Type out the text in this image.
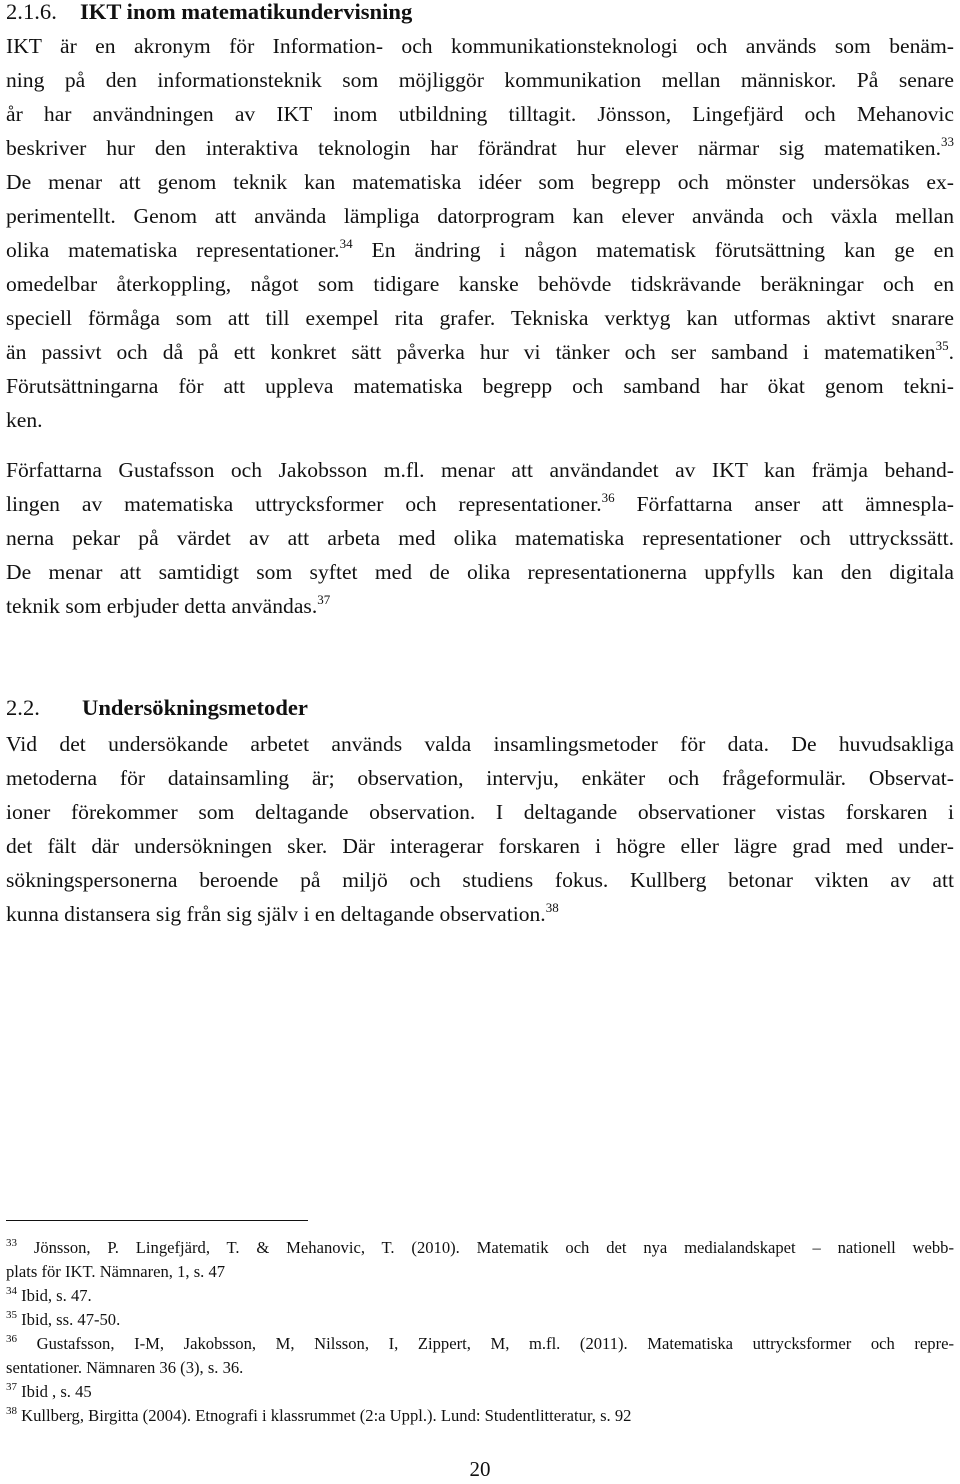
2.1.6. IKT inom matematikundervisning
IKT är en akronym för Information- och kommunikationsteknologi och används som benäm-
ning på den informationsteknik som möjliggör kommunikation mellan människor. På senare
år har användningen av IKT inom utbildning tilltagit. Jönsson, Lingefjärd och Mehanovic
beskriver hur den interaktiva teknologin har förändrat hur elever närmar sig matematiken.$^{33}$
De menar att genom teknik kan matematiska idéer som begrepp och mönster undersökas ex-
perimentellt. Genom att använda lämpliga datorprogram kan elever använda och växla mellan
olika matematiska representationer.$^{34}$ En ändring i någon matematisk förutsättning kan ge en
omedelbar återkoppling, något som tidigare kanske behövde tidskrävande beräkningar och en
speciell förmåga som att till exempel rita grafer. Tekniska verktyg kan utformas aktivt snarare
än passivt och då på ett konkret sätt påverka hur vi tänker och ser samband i matematiken$^{35}$.
Förutsättningarna för att uppleva matematiska begrepp och samband har ökat genom tekni-
ken.
Författarna Gustafsson och Jakobsson m.fl. menar att användandet av IKT kan främja behand-
lingen av matematiska uttrycksformer och representationer.$^{36}$ Författarna anser att ämnespla-
nerna pekar på värdet av att arbeta med olika matematiska representationer och uttryckssätt.
De menar att samtidigt som syftet med de olika representationerna uppfylls kan den digitala
teknik som erbjuder detta användas.$^{37}$
2.2. Undersökningsmetoder
Vid det undersökande arbetet används valda insamlingsmetoder för data. De huvudsakliga
metoderna för datainsamling är; observation, intervju, enkäter och frågeformulär. Observat-
ioner förekommer som deltagande observation. I deltagande observationer vistas forskaren i
det fält där undersökningen sker. Där interagerar forskaren i högre eller lägre grad med under-
sökningspersonerna beroende på miljö och studiens fokus. Kullberg betonar vikten av att
kunna distansera sig från sig själv i en deltagande observation.$^{38}$
$^{33}$ Jönsson, P. Lingefjärd, T. & Mehanovic, T. (2010). Matematik och det nya medialandskapet – nationell webb-
plats för IKT. Nämnaren, 1, s. 47
$^{34}$ Ibid, s. 47.
$^{35}$ Ibid, ss. 47-50.
$^{36}$ Gustafsson, I-M, Jakobsson, M, Nilsson, I, Zippert, M, m.fl. (2011). Matematiska uttrycksformer och repre-
sentationer. Nämnaren 36 (3), s. 36.
$^{37}$ Ibid , s. 45
$^{38}$ Kullberg, Birgitta (2004). Etnografi i klassrummet (2:a Uppl.). Lund: Studentlitteratur, s. 92
20
